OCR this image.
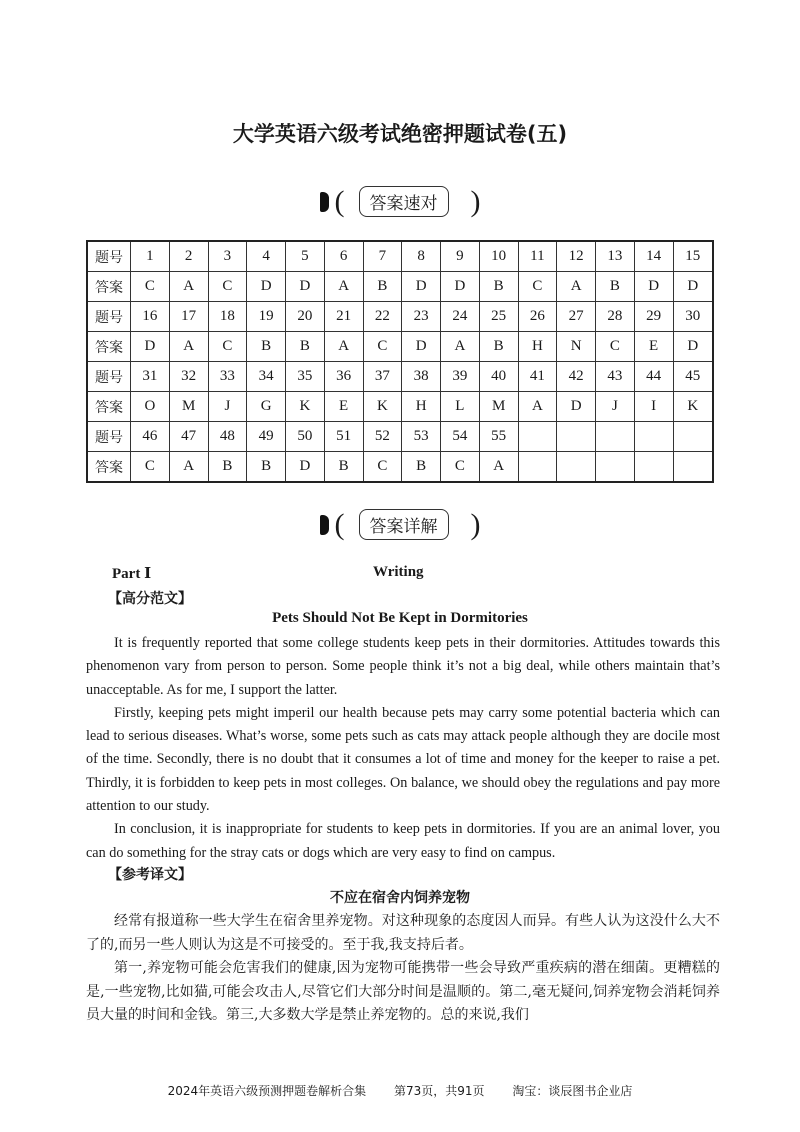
大学英语六级考试绝密押题试卷(五)
(	答案速对	)
题号	1	2	3	4	5	6	7	8	9	10	11	12	13	14	15
答案	C	A	C	D	D	A	B	D	D	B	C	A	B	D	D
题号	16	17	18	19	20	21	22	23	24	25	26	27	28	29	30
答案	D	A	C	B	B	A	C	D	A	B	H	N	C	E	D
题号	31	32	33	34	35	36	37	38	39	40	41	42	43	44	45
答案	O	M	J	G	K	E	K	H	L	M	A	D	J	I	K
题号	46	47	48	49	50	51	52	53	54	55					
答案	C	A	B	B	D	B	C	B	C	A					
(	答案详解	)
Part Ⅰ	Writing
【高分范文】
Pets Should Not Be Kept in Dormitories

It is frequently reported that some college students keep pets in their dormitories. Attitudes towards this phenomenon vary from person to person. Some people think it’s not a big deal, while others maintain that’s unacceptable. As for me, I support the latter.

Firstly, keeping pets might imperil our health because pets may carry some potential bacteria which can lead to serious diseases. What’s worse, some pets such as cats may attack people although they are docile most of the time. Secondly, there is no doubt that it consumes a lot of time and money for the keeper to raise a pet. Thirdly, it is forbidden to keep pets in most colleges. On balance, we should obey the regulations and pay more attention to our study.

In conclusion, it is inappropriate for students to keep pets in dormitories. If you are an animal lover, you can do something for the stray cats or dogs which are very easy to find on campus.

【参考译文】
不应在宿舍内饲养宠物

经常有报道称一些大学生在宿舍里养宠物。对这种现象的态度因人而异。有些人认为这没什么大不了的,而另一些人则认为这是不可接受的。至于我,我支持后者。

第一,养宠物可能会危害我们的健康,因为宠物可能携带一些会导致严重疾病的潜在细菌。更糟糕的是,一些宠物,比如猫,可能会攻击人,尽管它们大部分时间是温顺的。第二,毫无疑问,饲养宠物会消耗饲养员大量的时间和金钱。第三,大多数大学是禁止养宠物的。总的来说,我们

2024年英语六级预测押题卷解析合集 第73页，共91页 淘宝：谈辰图书企业店
